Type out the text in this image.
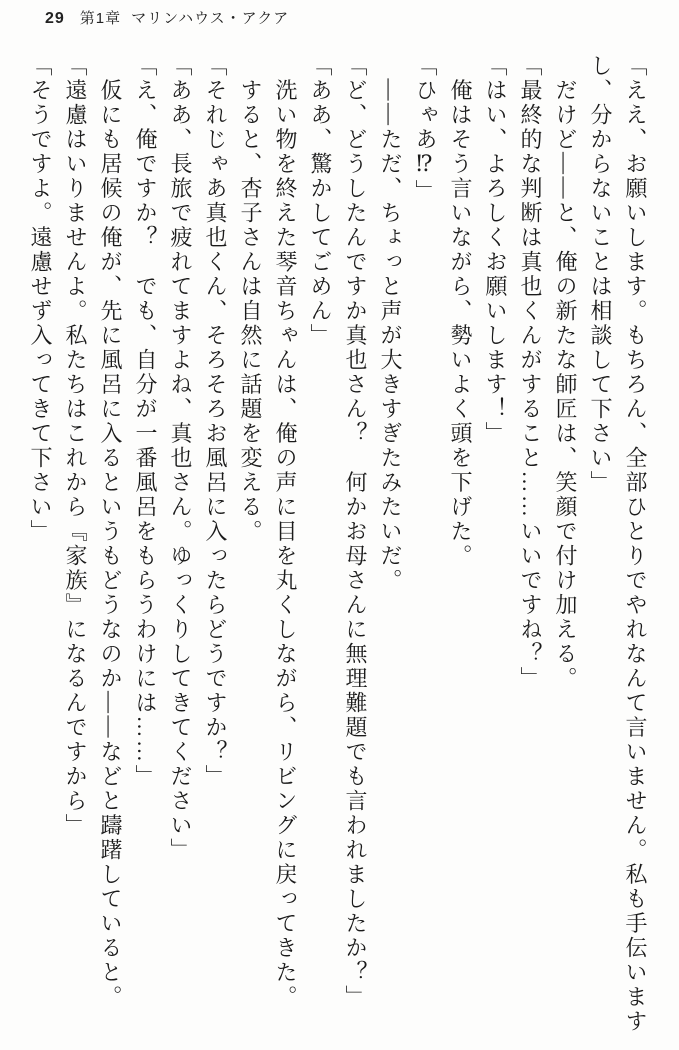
29 第1章 マリンハウス・アクア

「ええ、お願いします。もちろん、全部ひとりでやれなんて言いません。私も手伝いますし、分からないことは相談して下さい」

　だけど――と、俺の新たな師匠は、笑顔で付け加える。

「最終的な判断は真也くんがすること……いいですね？」

「はい、よろしくお願いします！」

　俺はそう言いながら、勢いよく頭を下げた。

「ひゃあ⁉」

　――ただ、ちょっと声が大きすぎたみたいだ。

「ど、どうしたんですか真也さん？　何かお母さんに無理難題でも言われましたか？」

「ああ、驚かしてごめん」

　洗い物を終えた琴音ちゃんは、俺の声に目を丸くしながら、リビングに戻ってきた。

　すると、杏子さんは自然に話題を変える。

「それじゃあ真也くん、そろそろお風呂に入ったらどうですか？」

「ああ、長旅で疲れてますよね、真也さん。ゆっくりしてきてください」

「え、俺ですか？　でも、自分が一番風呂をもらうわけには……」

　仮にも居候の俺が、先に風呂に入るというもどうなのか――などと躊躇していると。

「遠慮はいりませんよ。私たちはこれから『家族』になるんですから」

「そうですよ。遠慮せず入ってきて下さい」
